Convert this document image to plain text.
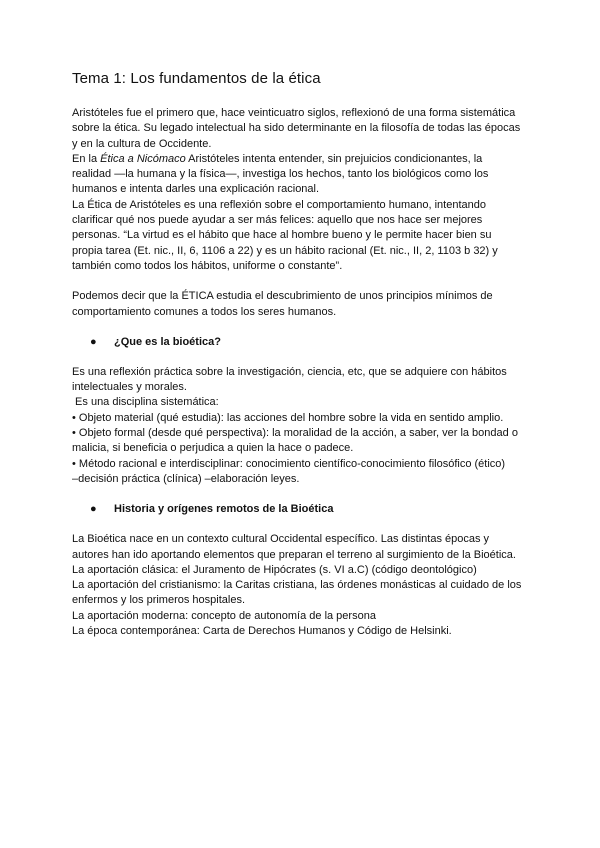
Tema 1: Los fundamentos de la ética

Aristóteles fue el primero que, hace veinticuatro siglos, reflexionó de una forma sistemática

sobre la ética. Su legado intelectual ha sido determinante en la filosofía de todas las épocas

y en la cultura de Occidente.

En la Ética a Nicómaco Aristóteles intenta entender, sin prejuicios condicionantes, la

realidad —la humana y la física—, investiga los hechos, tanto los biológicos como los

humanos e intenta darles una explicación racional.

La Ética de Aristóteles es una reflexión sobre el comportamiento humano, intentando

clarificar qué nos puede ayudar a ser más felices: aquello que nos hace ser mejores

personas. “La virtud es el hábito que hace al hombre bueno y le permite hacer bien su

propia tarea (Et. nic., II, 6, 1106 a 22) y es un hábito racional (Et. nic., II, 2, 1103 b 32) y

también como todos los hábitos, uniforme o constante”.

Podemos decir que la ÉTICA estudia el descubrimiento de unos principios mínimos de

comportamiento comunes a todos los seres humanos.

●	¿Que es la bioética?

Es una reflexión práctica sobre la investigación, ciencia, etc, que se adquiere con hábitos

intelectuales y morales.

Es una disciplina sistemática:

• Objeto material (qué estudia): las acciones del hombre sobre la vida en sentido amplio.

• Objeto formal (desde qué perspectiva): la moralidad de la acción, a saber, ver la bondad o

malicia, si beneficia o perjudica a quien la hace o padece.

• Método racional e interdisciplinar: conocimiento científico-conocimiento filosófico (ético)

–decisión práctica (clínica) –elaboración leyes.

●	Historia y orígenes remotos de la Bioética

La Bioética nace en un contexto cultural Occidental específico. Las distintas épocas y

autores han ido aportando elementos que preparan el terreno al surgimiento de la Bioética.

La aportación clásica: el Juramento de Hipócrates (s. VI a.C) (código deontológico)

La aportación del cristianismo: la Caritas cristiana, las órdenes monásticas al cuidado de los

enfermos y los primeros hospitales.

La aportación moderna: concepto de autonomía de la persona

La época contemporánea: Carta de Derechos Humanos y Código de Helsinki.
